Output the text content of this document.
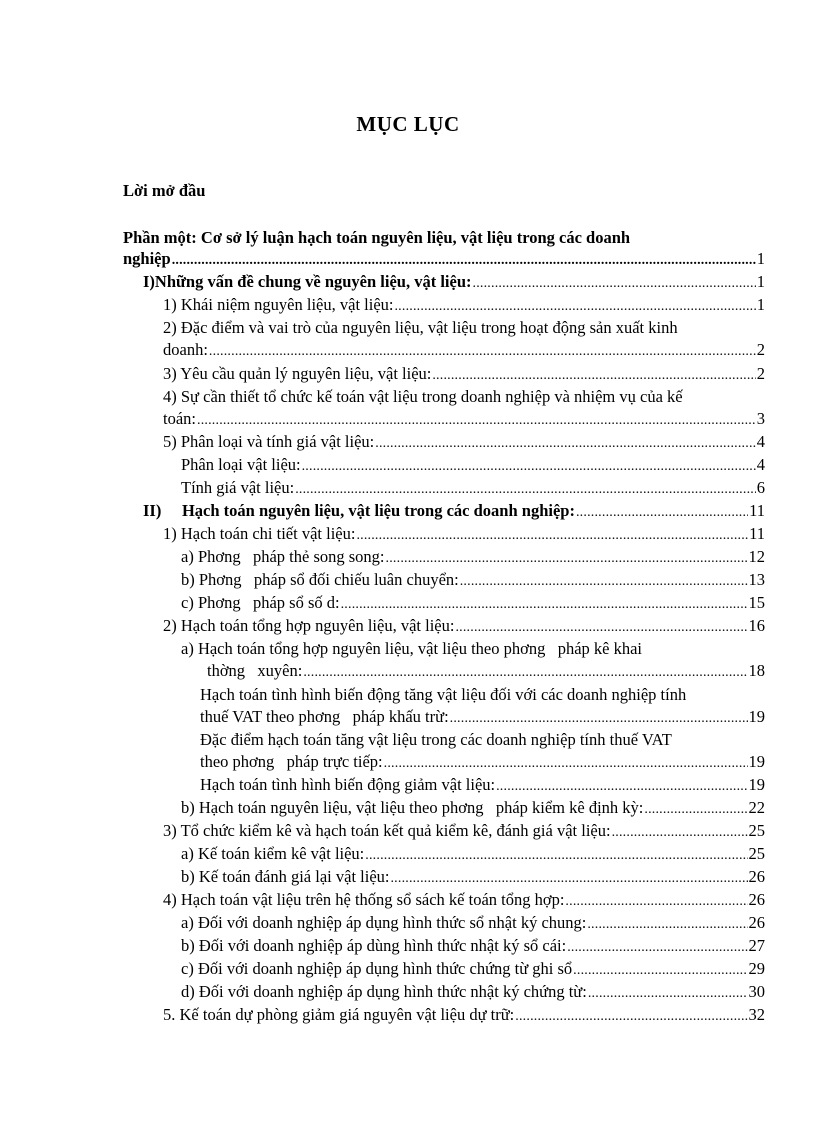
MỤC LỤC
Lời mở đầu
Phần một: Cơ sở lý luận hạch toán nguyên liệu, vật liệu trong các doanh
nghiệp .....	1
I)Những vấn đề chung về nguyên liệu, vật liệu: .....	1
1) Khái niệm nguyên liệu, vật liệu: .....	1
2) Đặc điểm và vai trò của nguyên liệu, vật liệu trong hoạt động sản xuất kinh
doanh: .....	2
3) Yêu cầu quản lý nguyên liệu, vật liệu: .....	2
4) Sự cần thiết tổ chức kế toán vật liệu trong doanh nghiệp và nhiệm vụ của kế
toán: .....	3
5) Phân loại và tính giá vật liệu: .....	4
Phân loại vật liệu: .....	4
Tính giá vật liệu: .....	6
II)     Hạch toán nguyên liệu, vật liệu trong các doanh nghiệp: .....	11
1) Hạch toán chi tiết vật liệu: .....	11
a) Phơng   pháp thẻ song song: .....	12
b) Phơng   pháp sổ đối chiếu luân chuyển: .....	13
c) Phơng   pháp sổ số d: .....	15
2) Hạch toán tổng hợp nguyên liệu, vật liệu: .....	16
a) Hạch toán tổng hợp nguyên liệu, vật liệu theo phơng   pháp kê khai
thờng   xuyên: .....	18
Hạch toán tình hình biến động tăng vật liệu đối với các doanh nghiệp tính
thuế VAT theo phơng   pháp khấu trừ: .....	19
Đặc điểm hạch toán tăng vật liệu trong các doanh nghiệp tính thuế VAT
theo phơng   pháp trực tiếp: .....	19
Hạch toán tình hình biến động giảm vật liệu: .....	19
b) Hạch toán nguyên liệu, vật liệu theo phơng   pháp kiểm kê định kỳ: .....	22
3) Tổ chức kiểm kê và hạch toán kết quả kiểm kê, đánh giá vật liệu: .....	25
a) Kế toán kiểm kê vật liệu: .....	25
b) Kế toán đánh giá lại vật liệu: .....	26
4) Hạch toán vật liệu trên hệ thống sổ sách kế toán tổng hợp: .....	26
a) Đối với doanh nghiệp áp dụng hình thức sổ nhật ký chung: .....	26
b) Đối với doanh nghiệp áp dùng hình thức nhật ký sổ cái: .....	27
c) Đối với doanh nghiệp áp dụng hình thức chứng từ ghi sổ .....	29
d) Đối với doanh nghiệp áp dụng hình thức nhật ký chứng từ: .....	30
5. Kế toán dự phòng giảm giá nguyên vật liệu dự trữ: .....	32
